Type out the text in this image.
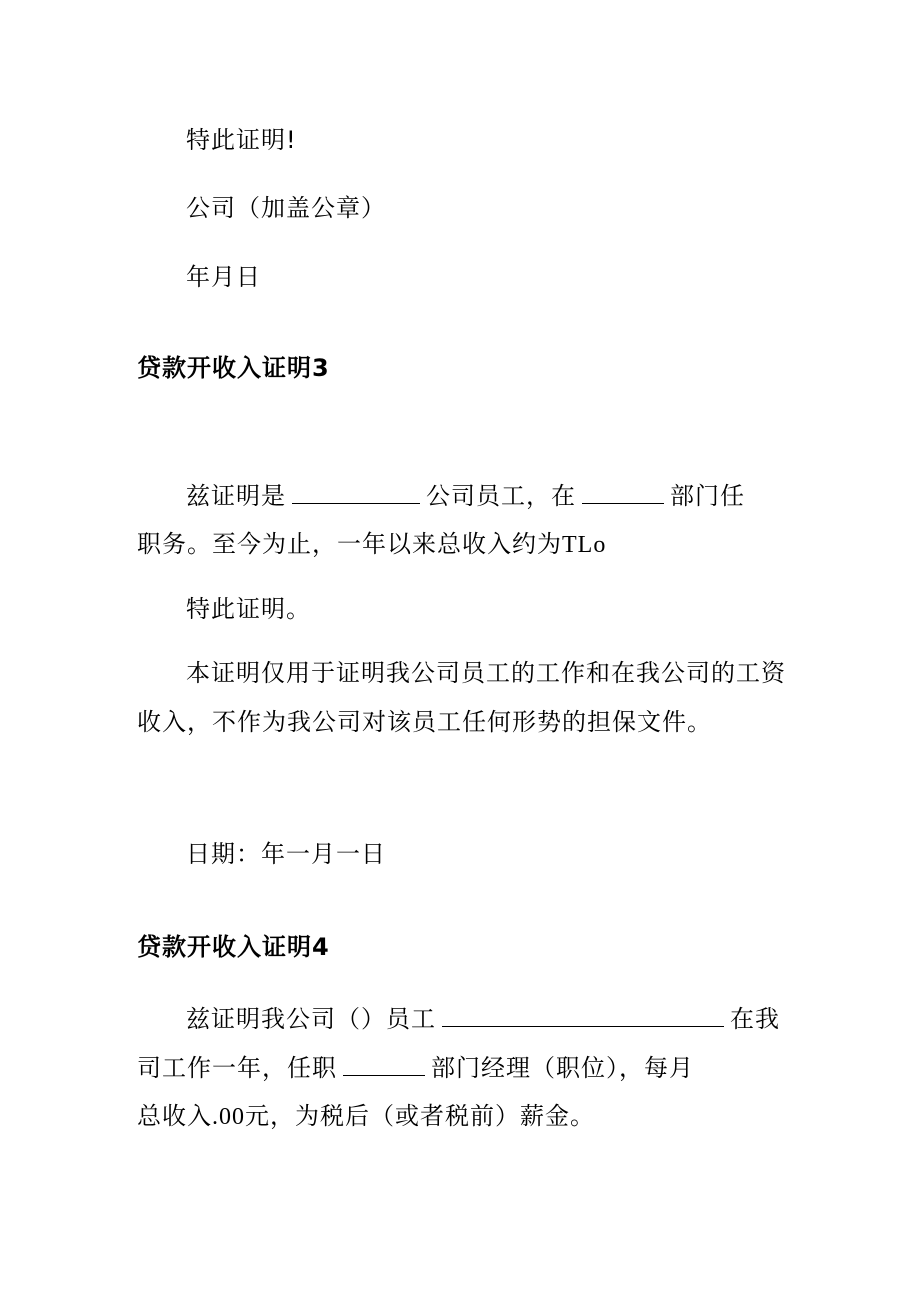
特此证明!
公司（加盖公章）
年月日
贷款开收入证明3
兹证明是	公司员工，在	部门任
职务。至今为止，一年以来总收入约为TLo
特此证明。
本证明仅用于证明我公司员工的工作和在我公司的工资
收入，不作为我公司对该员工任何形势的担保文件。
日期：年一月一日
贷款开收入证明4
兹证明我公司（）员工	在我
司工作一年，任职	部门经理（职位），每月
总收入.00元，为税后（或者税前）薪金。
